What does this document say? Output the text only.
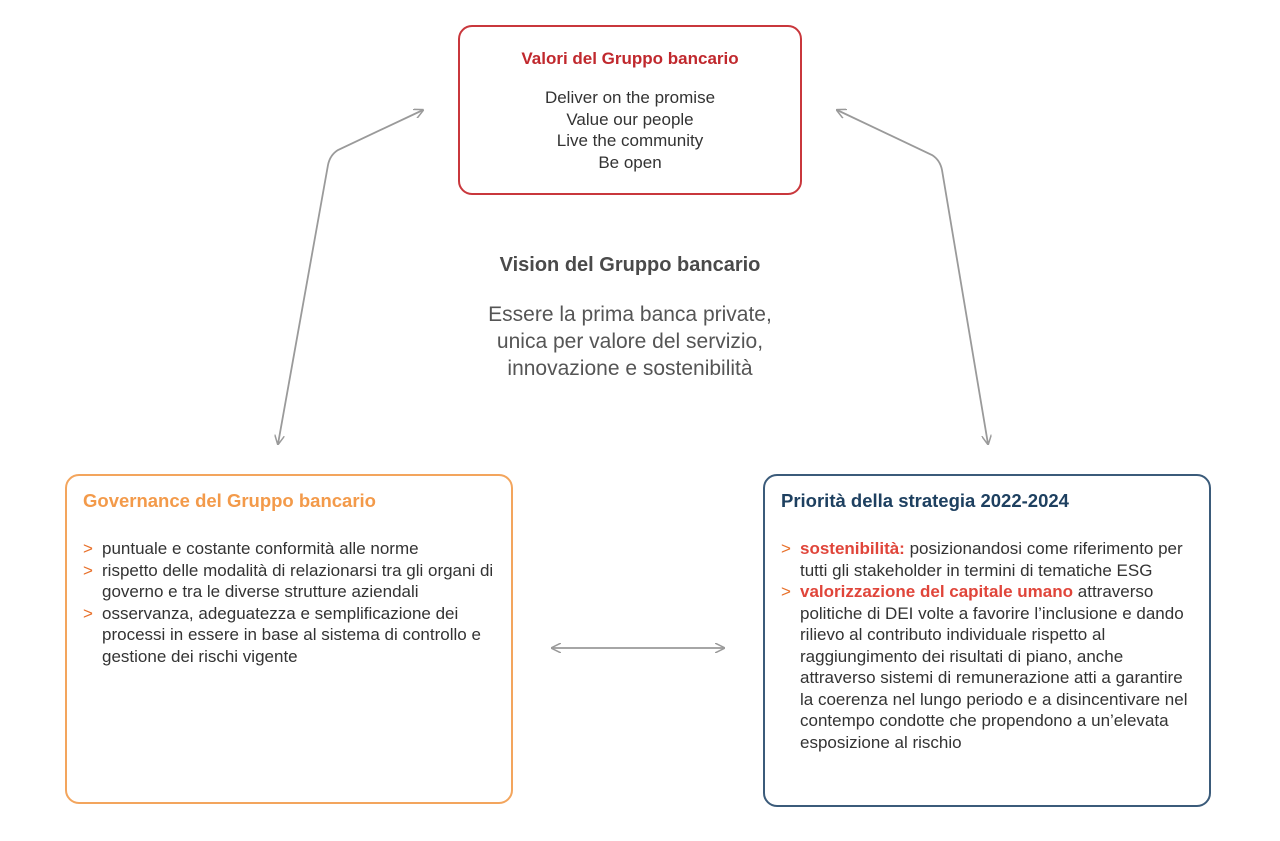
Valori del Gruppo bancario
Deliver on the promise
Value our people
Live the community
Be open
Vision del Gruppo bancario
Essere la prima banca private,
unica per valore del servizio,
innovazione e sostenibilità
Governance del Gruppo bancario
> puntuale e costante conformità alle norme
> rispetto delle modalità di relazionarsi tra gli organi di governo e tra le diverse strutture aziendali
> osservanza, adeguatezza e semplificazione dei processi in essere in base al sistema di controllo e gestione dei rischi vigente
Priorità della strategia 2022-2024
> sostenibilità: posizionandosi come riferimento per tutti gli stakeholder in termini di tematiche ESG
> valorizzazione del capitale umano attraverso politiche di DEI volte a favorire l’inclusione e dando rilievo al contributo individuale rispetto al raggiungimento dei risultati di piano, anche attraverso sistemi di remunerazione atti a garantire la coerenza nel lungo periodo e a disincentivare nel contempo condotte che propendono a un’elevata esposizione al rischio
